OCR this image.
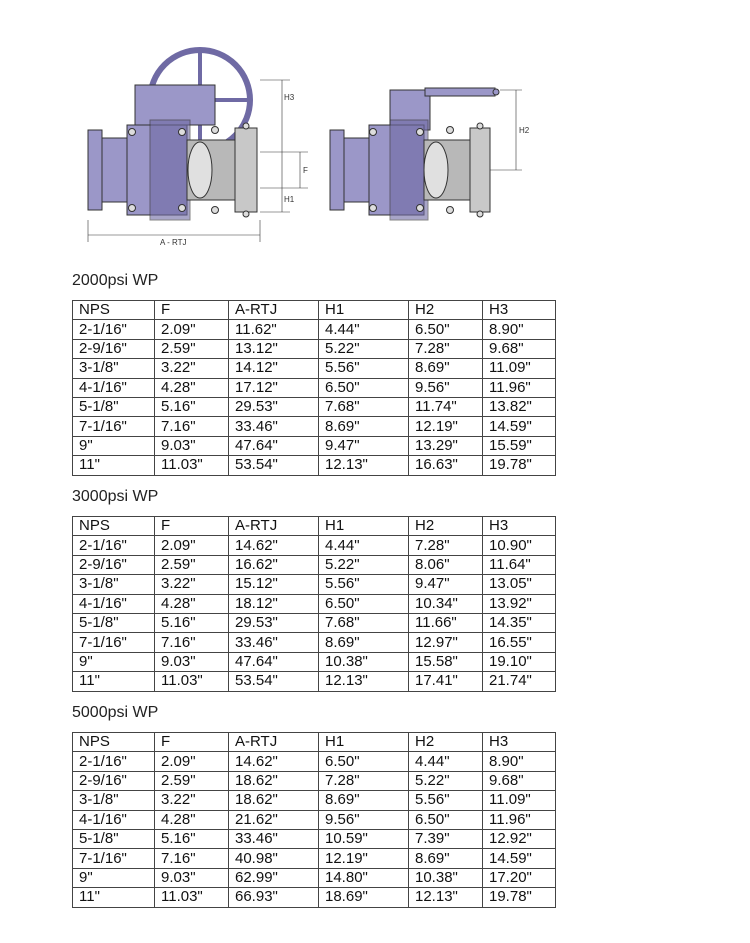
H3
F
H1
A - RTJ
H2
2000psi WP
NPS	F	A-RTJ	H1	H2	H3
2-1/16"	2.09"	11.62"	4.44"	6.50"	8.90"
2-9/16"	2.59"	13.12"	5.22"	7.28"	9.68"
3-1/8"	3.22"	14.12"	5.56"	8.69"	11.09"
4-1/16"	4.28"	17.12"	6.50"	9.56"	11.96"
5-1/8"	5.16"	29.53"	7.68"	11.74"	13.82"
7-1/16"	7.16"	33.46"	8.69"	12.19"	14.59"
9"	9.03"	47.64"	9.47"	13.29"	15.59"
11"	11.03"	53.54"	12.13"	16.63"	19.78"
3000psi WP
NPS	F	A-RTJ	H1	H2	H3
2-1/16"	2.09"	14.62"	4.44"	7.28"	10.90"
2-9/16"	2.59"	16.62"	5.22"	8.06"	11.64"
3-1/8"	3.22"	15.12"	5.56"	9.47"	13.05"
4-1/16"	4.28"	18.12"	6.50"	10.34"	13.92"
5-1/8"	5.16"	29.53"	7.68"	11.66"	14.35"
7-1/16"	7.16"	33.46"	8.69"	12.97"	16.55"
9"	9.03"	47.64"	10.38"	15.58"	19.10"
11"	11.03"	53.54"	12.13"	17.41"	21.74"
5000psi WP
NPS	F	A-RTJ	H1	H2	H3
2-1/16"	2.09"	14.62"	6.50"	4.44"	8.90"
2-9/16"	2.59"	18.62"	7.28"	5.22"	9.68"
3-1/8"	3.22"	18.62"	8.69"	5.56"	11.09"
4-1/16"	4.28"	21.62"	9.56"	6.50"	11.96"
5-1/8"	5.16"	33.46"	10.59"	7.39"	12.92"
7-1/16"	7.16"	40.98"	12.19"	8.69"	14.59"
9"	9.03"	62.99"	14.80"	10.38"	17.20"
11"	11.03"	66.93"	18.69"	12.13"	19.78"
